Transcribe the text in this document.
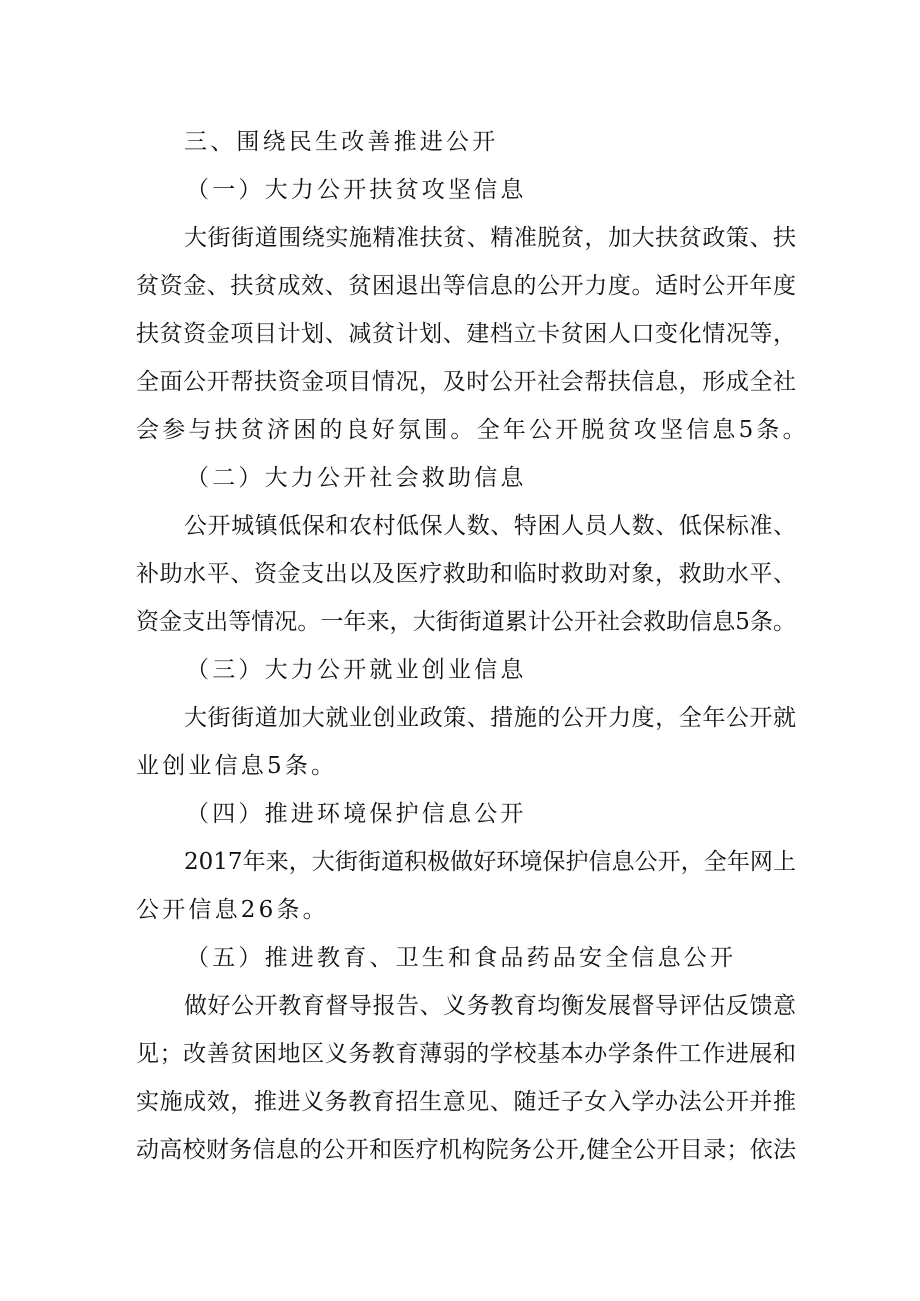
三、围绕民生改善推进公开
（一）大力公开扶贫攻坚信息
大街街道围绕实施精准扶贫、精准脱贫，加大扶贫政策、扶
贫资金、扶贫成效、贫困退出等信息的公开力度。适时公开年度
扶贫资金项目计划、减贫计划、建档立卡贫困人口变化情况等，
全面公开帮扶资金项目情况，及时公开社会帮扶信息，形成全社
会参与扶贫济困的良好氛围。全年公开脱贫攻坚信息5条。
（二）大力公开社会救助信息
公开城镇低保和农村低保人数、特困人员人数、低保标准、
补助水平、资金支出以及医疗救助和临时救助对象，救助水平、
资金支出等情况。一年来，大街街道累计公开社会救助信息5条。
（三）大力公开就业创业信息
大街街道加大就业创业政策、措施的公开力度，全年公开就
业创业信息5条。
（四）推进环境保护信息公开
2017年来，大街街道积极做好环境保护信息公开，全年网上
公开信息26条。
（五）推进教育、卫生和食品药品安全信息公开
做好公开教育督导报告、义务教育均衡发展督导评估反馈意
见；改善贫困地区义务教育薄弱的学校基本办学条件工作进展和
实施成效，推进义务教育招生意见、随迁子女入学办法公开并推
动高校财务信息的公开和医疗机构院务公开,健全公开目录；依法
